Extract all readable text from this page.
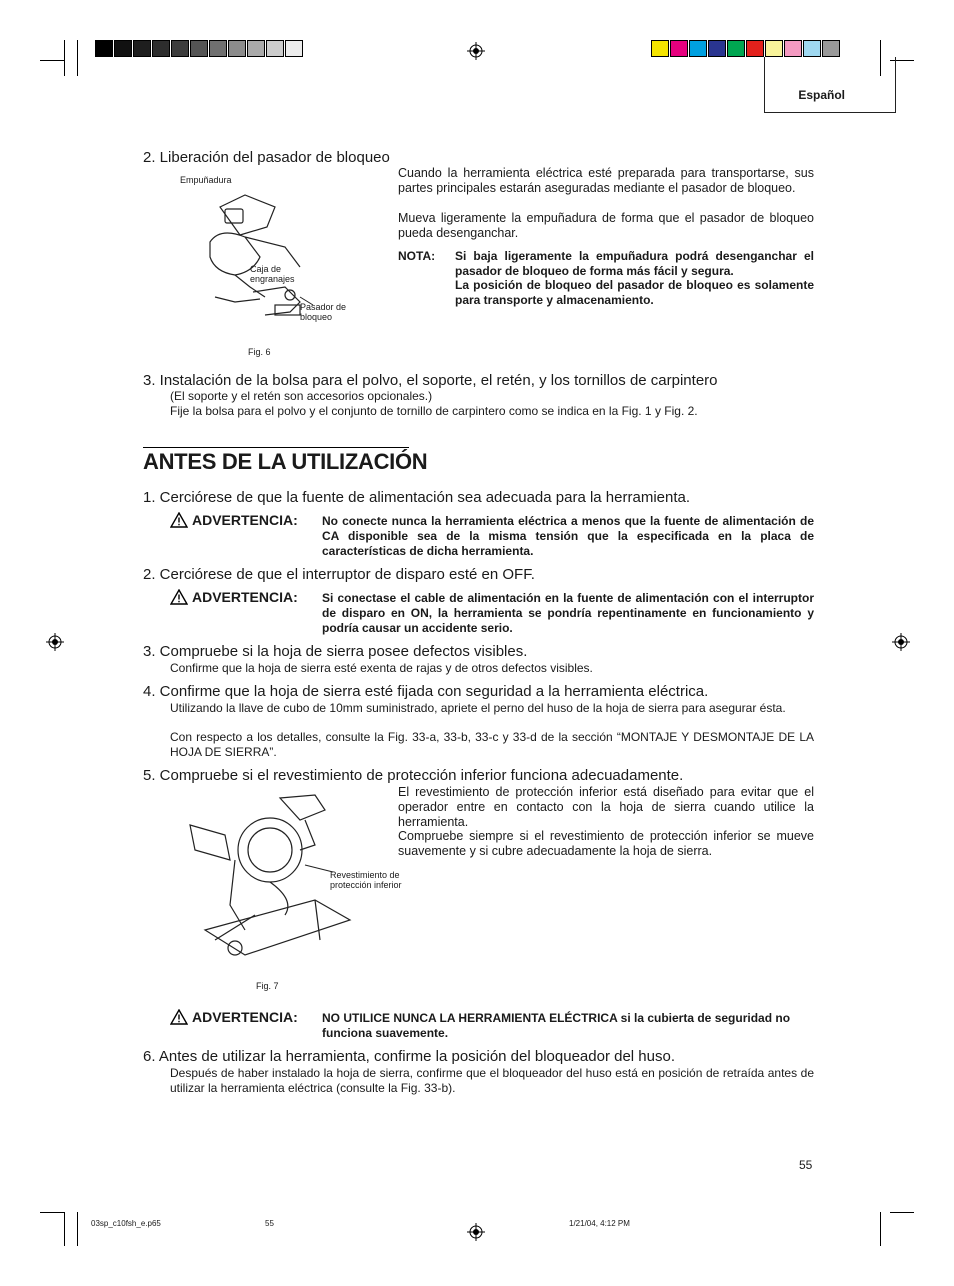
Español
2. Liberación del pasador de bloqueo
Empuñadura
Caja de
engranajes
Pasador de
bloqueo
Fig. 6
Cuando la herramienta eléctrica esté preparada para transportarse, sus partes principales estarán aseguradas mediante el pasador de bloqueo.
Mueva ligeramente la empuñadura de forma que el pasador de bloqueo pueda desenganchar.
NOTA: Si baja ligeramente la empuñadura podrá desenganchar el pasador de bloqueo de forma más fácil y segura.
La posición de bloqueo del pasador de bloqueo es solamente para transporte y almacenamiento.
3. Instalación de la bolsa para el polvo, el soporte, el retén, y los tornillos de carpintero
(El soporte y el retén son accesorios opcionales.)
Fije la bolsa para el polvo y el conjunto de tornillo de carpintero como se indica en la Fig. 1 y Fig. 2.
ANTES DE LA UTILIZACIÓN
1. Cerciórese de que la fuente de alimentación sea adecuada para la herramienta.
ADVERTENCIA: No conecte nunca la herramienta eléctrica a menos que la fuente de alimentación de CA disponible sea de la misma tensión que la especificada en la placa de características de dicha herramienta.
2. Cerciórese de que el interruptor de disparo esté en OFF.
ADVERTENCIA: Si conectase el cable de alimentación en la fuente de alimentación con el interruptor de disparo en ON, la herramienta se pondría repentinamente en funcionamiento y podría causar un accidente serio.
3. Compruebe si la hoja de sierra posee defectos visibles.
Confirme que la hoja de sierra esté exenta de rajas y de otros defectos visibles.
4. Confirme que la hoja de sierra esté fijada con seguridad a la herramienta eléctrica.
Utilizando la llave de cubo de 10mm suministrado, apriete el perno del huso de la hoja de sierra para asegurar ésta.
Con respecto a los detalles, consulte la Fig. 33-a, 33-b, 33-c y 33-d de la sección “MONTAJE Y DESMONTAJE DE LA HOJA DE SIERRA”.
5. Compruebe si el revestimiento de protección inferior funciona adecuadamente.
El revestimiento de protección inferior está diseñado para evitar que el operador entre en contacto con la hoja de sierra cuando utilice la herramienta.
Compruebe siempre si el revestimiento de protección inferior se mueve suavemente y si cubre adecuadamente la hoja de sierra.
Revestimiento de
protección inferior
Fig. 7
ADVERTENCIA: NO UTILICE NUNCA LA HERRAMIENTA ELÉCTRICA si la cubierta de seguridad no funciona suavemente.
6. Antes de utilizar la herramienta, confirme la posición del bloqueador del huso.
Después de haber instalado la hoja de sierra, confirme que el bloqueador del huso está en posición de retraída antes de utilizar la herramienta eléctrica (consulte la Fig. 33-b).
55
03sp_c10fsh_e.p65	55	1/21/04, 4:12 PM
